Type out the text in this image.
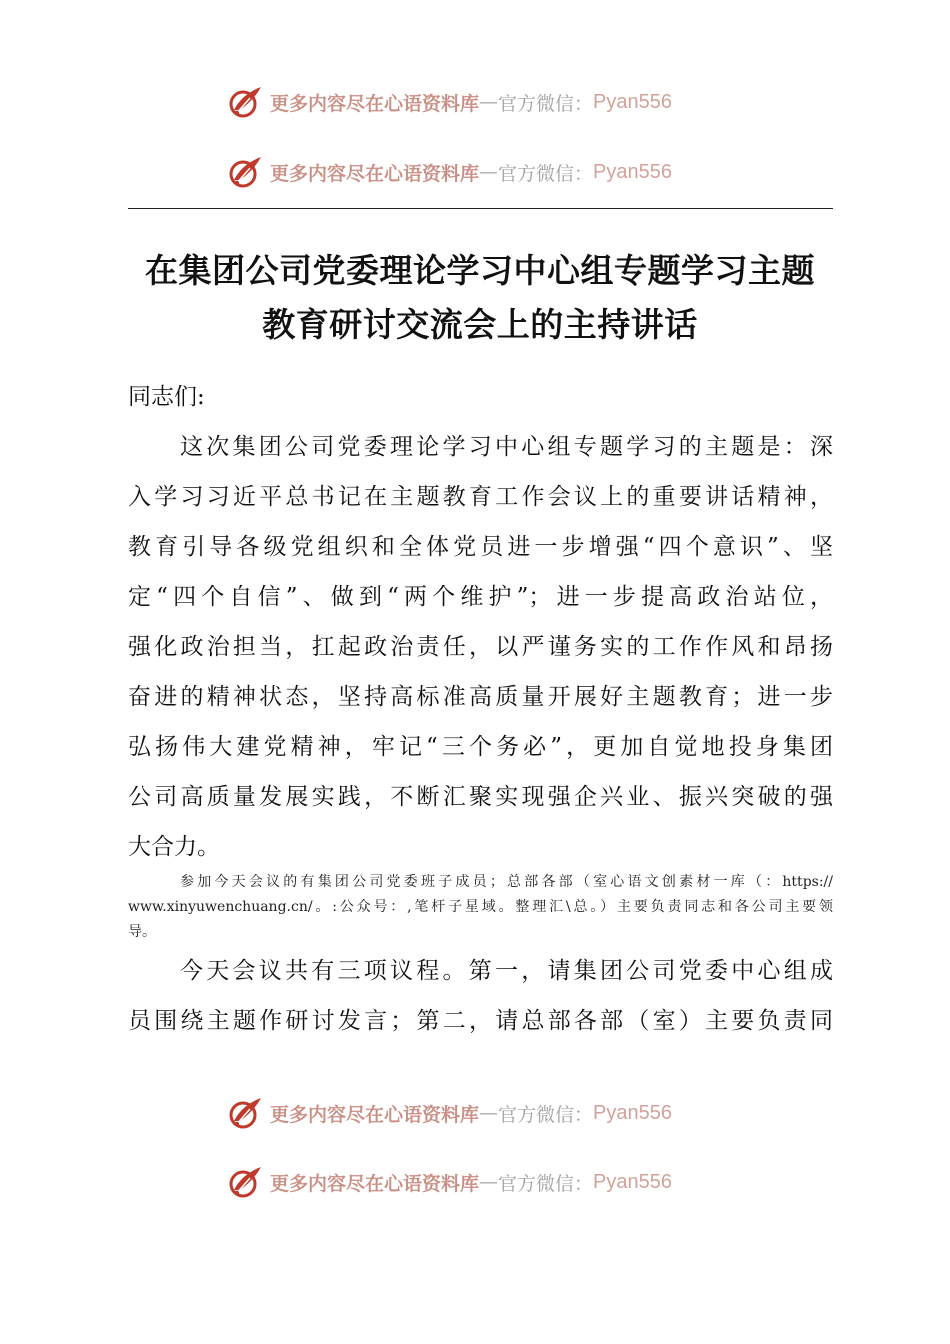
更多内容尽在心语资料库 — 官方微信： Pyan556
更多内容尽在心语资料库 — 官方微信： Pyan556
在集团公司党委理论学习中心组专题学习主题
教育研讨交流会上的主持讲话
同志们:
这次集团公司党委理论学习中心组专题学习的主题是：深
入学习习近平总书记在主题教育工作会议上的重要讲话精神，
教育引导各级党组织和全体党员进一步增强“四个意识”、坚
定“四个自信”、做到“两个维护”；进一步提高政治站位，
强化政治担当，扛起政治责任，以严谨务实的工作作风和昂扬
奋进的精神状态，坚持高标准高质量开展好主题教育；进一步
弘扬伟大建党精神，牢记“三个务必”，更加自觉地投身集团
公司高质量发展实践，不断汇聚实现强企兴业、振兴突破的强
大合力。
参加今天会议的有集团公司党委班子成员；总部各部（室心语文创素材一库（：https://
www.xinyuwenchuang.cn/。:公众号：,笔杆子星域。整理汇\总。）主要负责同志和各公司主要领
导。
今天会议共有三项议程。第一，请集团公司党委中心组成
员围绕主题作研讨发言；第二，请总部各部（室）主要负责同
更多内容尽在心语资料库 — 官方微信： Pyan556
更多内容尽在心语资料库 — 官方微信： Pyan556
